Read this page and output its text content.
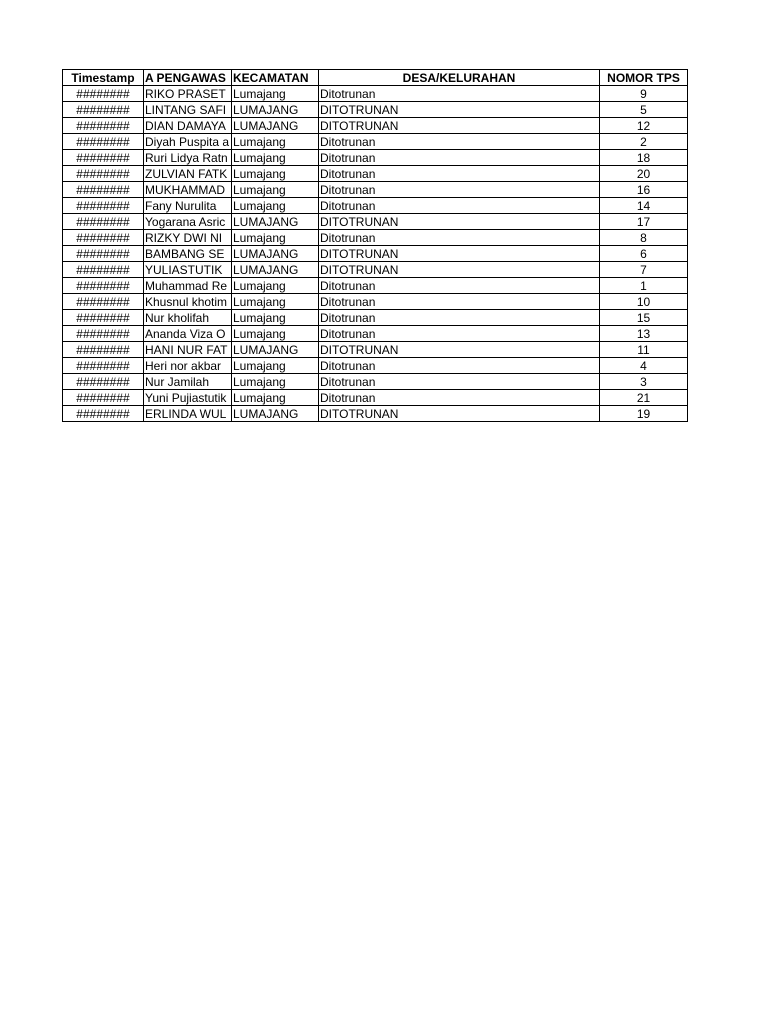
Timestamp	A PENGAWAS	KECAMATAN	DESA/KELURAHAN	NOMOR TPS
########	RIKO PRASET	Lumajang	Ditotrunan	9
########	LINTANG SAFI	LUMAJANG	DITOTRUNAN	5
########	DIAN DAMAYA	LUMAJANG	DITOTRUNAN	12
########	Diyah Puspita a	Lumajang	Ditotrunan	2
########	Ruri Lidya Ratn	Lumajang	Ditotrunan	18
########	ZULVIAN FATK	Lumajang	Ditotrunan	20
########	MUKHAMMAD	Lumajang	Ditotrunan	16
########	Fany Nurulita	Lumajang	Ditotrunan	14
########	Yogarana Asric	LUMAJANG	DITOTRUNAN	17
########	RIZKY DWI NI	Lumajang	Ditotrunan	8
########	BAMBANG SE	LUMAJANG	DITOTRUNAN	6
########	YULIASTUTIK	LUMAJANG	DITOTRUNAN	7
########	Muhammad Re	Lumajang	Ditotrunan	1
########	Khusnul khotim	Lumajang	Ditotrunan	10
########	Nur kholifah	Lumajang	Ditotrunan	15
########	Ananda Viza O	Lumajang	Ditotrunan	13
########	HANI NUR FAT	LUMAJANG	DITOTRUNAN	11
########	Heri nor akbar	Lumajang	Ditotrunan	4
########	Nur Jamilah	Lumajang	Ditotrunan	3
########	Yuni Pujiastutik	Lumajang	Ditotrunan	21
########	ERLINDA WUL	LUMAJANG	DITOTRUNAN	19
